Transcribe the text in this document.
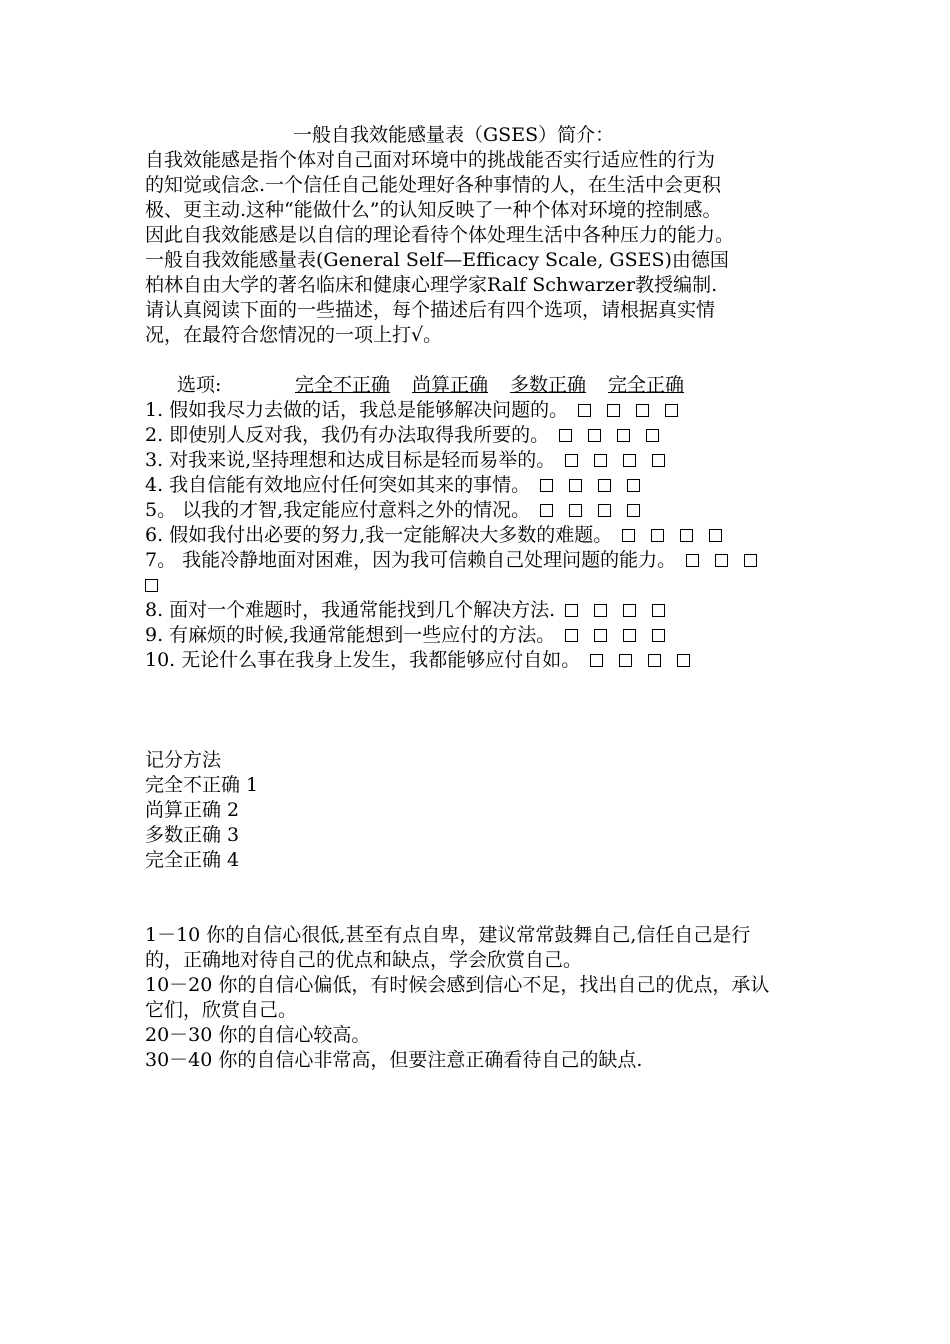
一般自我效能感量表（GSES）简介：
自我效能感是指个体对自己面对环境中的挑战能否实行适应性的行为
的知觉或信念.一个信任自己能处理好各种事情的人，在生活中会更积
极、更主动.这种“能做什么”的认知反映了一种个体对环境的控制感。
因此自我效能感是以自信的理论看待个体处理生活中各种压力的能力。
一般自我效能感量表(General Self—Efficacy Scale, GSES)由德国
柏林自由大学的著名临床和健康心理学家Ralf Schwarzer教授编制.
请认真阅读下面的一些描述，每个描述后有四个选项，请根据真实情
况，在最符合您情况的一项上打√。
选项:	完全不正确 尚算正确 多数正确 完全正确
1. 假如我尽力去做的话，我总是能够解决问题的。
2. 即使别人反对我，我仍有办法取得我所要的。
3. 对我来说,坚持理想和达成目标是轻而易举的。
4. 我自信能有效地应付任何突如其来的事情。
5。 以我的才智,我定能应付意料之外的情况。
6. 假如我付出必要的努力,我一定能解决大多数的难题。
7。 我能冷静地面对困难，因为我可信赖自己处理问题的能力。
8. 面对一个难题时，我通常能找到几个解决方法.
9. 有麻烦的时候,我通常能想到一些应付的方法。
10. 无论什么事在我身上发生，我都能够应付自如。
记分方法
完全不正确 1
尚算正确 2
多数正确 3
完全正确 4
1－10 你的自信心很低,甚至有点自卑，建议常常鼓舞自己,信任自己是行
的，正确地对待自己的优点和缺点，学会欣赏自己。
10－20 你的自信心偏低，有时候会感到信心不足，找出自己的优点，承认
它们，欣赏自己。
20－30 你的自信心较高。
30－40 你的自信心非常高，但要注意正确看待自己的缺点.
